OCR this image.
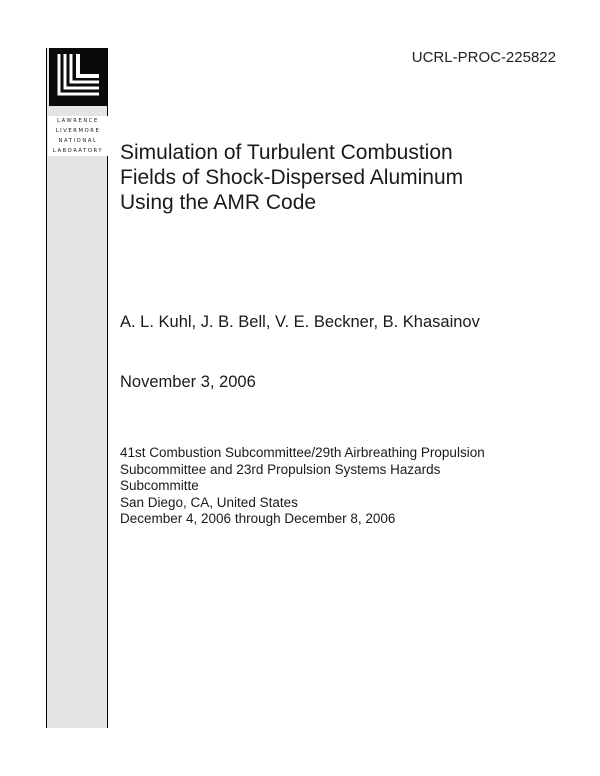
LAWRENCE
LIVERMORE
NATIONAL
LABORATORY
UCRL-PROC-225822
Simulation of Turbulent Combustion
Fields of Shock-Dispersed Aluminum
Using the AMR Code
A. L. Kuhl, J. B. Bell, V. E. Beckner, B. Khasainov
November 3, 2006
41st Combustion Subcommittee/29th Airbreathing Propulsion
Subcommittee and 23rd Propulsion Systems Hazards
Subcommitte
San Diego, CA, United States
December 4, 2006 through December 8, 2006
